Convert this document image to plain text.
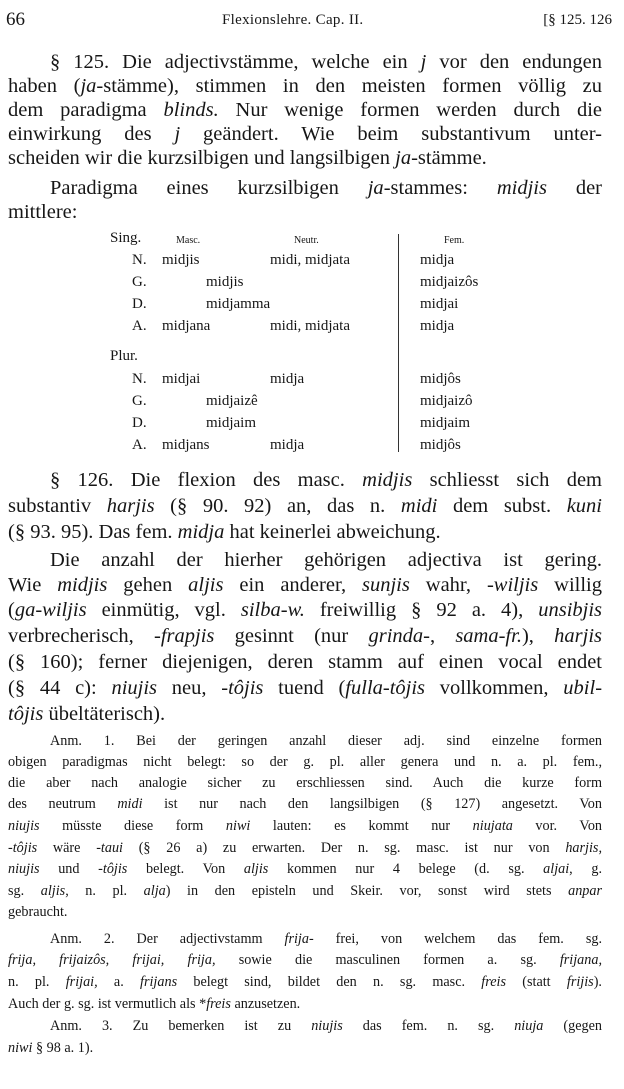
66	Flexionslehre. Cap. II.	[§ 125. 126
§ 125. Die adjectivstämme, welche ein j vor den endungen
haben (ja-stämme), stimmen in den meisten formen völlig zu
dem paradigma blinds. Nur wenige formen werden durch die
einwirkung des j geändert. Wie beim substantivum unter-
scheiden wir die kurzsilbigen und langsilbigen ja-stämme.
Paradigma eines kurzsilbigen ja-stammes: midjis der
mittlere:
Sing.	Masc.	Neutr.	Fem.
N. midjis	midi, midjata	midja
G.	midjis	midjaizôs
D.	midjamma	midjai
A. midjana	midi, midjata	midja
Plur.
N. midjai	midja	midjôs
G.	midjaizê	midjaizô
D.	midjaim	midjaim
A. midjans	midja	midjôs
§ 126. Die flexion des masc. midjis schliesst sich dem
substantiv harjis (§ 90. 92) an, das n. midi dem subst. kuni
(§ 93. 95). Das fem. midja hat keinerlei abweichung.
Die anzahl der hierher gehörigen adjectiva ist gering.
Wie midjis gehen aljis ein anderer, sunjis wahr, -wiljis willig
(ga-wiljis einmütig, vgl. silba-w. freiwillig § 92 a. 4), unsibjis
verbrecherisch, -frapjis gesinnt (nur grinda-, sama-fr.), harjis
(§ 160); ferner diejenigen, deren stamm auf einen vocal endet
(§ 44 c): niujis neu, -tôjis tuend (fulla-tôjis vollkommen, ubil-
tôjis übeltäterisch).
Anm. 1. Bei der geringen anzahl dieser adj. sind einzelne formen
obigen paradigmas nicht belegt: so der g. pl. aller genera und n. a. pl. fem.,
die aber nach analogie sicher zu erschliessen sind. Auch die kurze form
des neutrum midi ist nur nach den langsilbigen (§ 127) angesetzt. Von
niujis müsste diese form niwi lauten: es kommt nur niujata vor. Von
-tôjis wäre -taui (§ 26 a) zu erwarten. Der n. sg. masc. ist nur von harjis,
niujis und -tôjis belegt. Von aljis kommen nur 4 belege (d. sg. aljai, g.
sg. aljis, n. pl. alja) in den episteln und Skeir. vor, sonst wird stets anpar
gebraucht.
Anm. 2. Der adjectivstamm frija- frei, von welchem das fem. sg.
frija, frijaizôs, frijai, frija, sowie die masculinen formen a. sg. frijana,
n. pl. frijai, a. frijans belegt sind, bildet den n. sg. masc. freis (statt frijis).
Auch der g. sg. ist vermutlich als *freis anzusetzen.
Anm. 3. Zu bemerken ist zu niujis das fem. n. sg. niuja (gegen
niwi § 98 a. 1).
